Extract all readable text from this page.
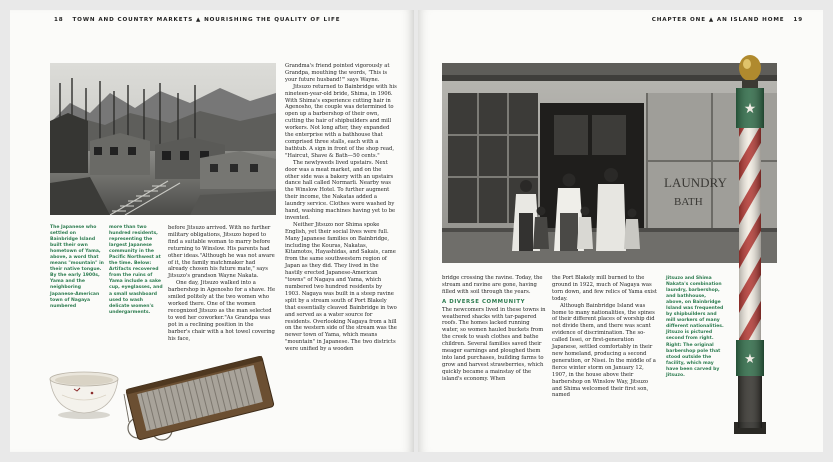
18 TOWN AND COUNTRY MARKETS ▲ NOURISHING THE QUALITY OF LIFE
The Japanese who settled on Bainbridge Island built their own hometown of Yama, above, a word that means "mountain" in their native tongue. By the early 1900s, Yama and the neighboring Japanese-American town of Nagaya numbered
more than two hundred residents, representing the largest Japanese community in the Pacific Northwest at the time. Below: Artifacts recovered from the ruins of Yama include a sake cup, eyeglasses, and a small washboard used to wash delicate women's undergarments.

before Jitsuzo arrived. With no further military obligations, Jitsuzo hoped to find a suitable woman to marry before returning to Winslow. His parents had other ideas."Although he was not aware of it, the family matchmaker had already chosen his future mate," says Jitsuzo's grandson Wayne Nakata.

One day, Jitsuzo walked into a barbershop in Agenosho for a shave. He smiled politely at the two women who worked there. One of the women recognized Jitsuzo as the man selected to wed her coworker."As Grandpa was pot in a reclining position in the barber's chair with a hot towel covering his face,

Grandma's friend pointed vigorously at Grandpa, mouthing the words, 'This is your future husband!'" says Wayne.

Jitsuzo returned to Bainbridge with his nineteen-year-old bride, Shima, in 1906. With Shima's experience cutting hair in Agenosho, the couple was determined to open up a barbershop of their own, cutting the hair of shipbuilders and mill workers. Not long after, they expanded the enterprise with a bathhouse that comprised three stalls, each with a bathtub. A sign in front of the shop read, "Haircut, Shave & Bath—50 cents."

The newlyweds lived upstairs. Next door was a meat market, and on the other side was a bakery with an upstairs dance hall called Normarli. Nearby was the Winslow Hotel. To further augment their income, the Nakatas added a laundry service. Clothes were washed by hand, washing machines having yet to be invented.

Neither Jitsuzo nor Shima spoke English, yet their social lives were full. Many Japanese families on Bainbridge, including the Kouras, Nakatas, Kitamotos, Hayashidas, and Sakais, came from the same southwestern region of Japan as they did. They lived in the hastily erected Japanese-American "towns" of Nagaya and Yama, which numbered two hundred residents by 1903. Nagaya was built in a steep ravine split by a stream south of Port Blakely that essentially cleaved Bainbridge in two and served as a water source for residents. Overlooking Nagaya from a hill on the western side of the stream was the newer town of Yama, which means "mountain" in Japanese. The two districts were unified by a wooden

CHAPTER ONE ▲ AN ISLAND HOME 19
LAUNDRY
BATH

bridge crossing the ravine. Today, the stream and ravine are gone, having filled with soil through the years.

A DIVERSE COMMUNITY

The newcomers lived in these towns in weathered shacks with tar-papered roofs. The homes lacked running water, so women hauled buckets from the creek to wash clothes and bathe children. Several families saved their meager earnings and ploughed them into land purchases, building farms to grow and harvest strawberries, which quickly became a mainstay of the island's economy. When

the Port Blakely mill burned to the ground in 1922, much of Nagaya was torn down, and few relics of Yama exist today.

Although Bainbridge Island was home to many nationalities, the spines of their different places of worship did not divide them, and there was scant evidence of discrimination. The so-called Issei, or first-generation Japanese, settled comfortably in their new homeland, producing a second generation, or Nisei. In the middle of a fierce winter storm on January 12, 1907, in the house above their barbershop on Winslow Way, Jitsuzo and Shima welcomed their first son, named

Jitsuzo and Shima Nakata's combination laundry, barbershop, and bathhouse, above, on Bainbridge Island was frequented by shipbuilders and mill workers of many different nationalities. Jitsuzo is pictured second from right. Right: The original barbershop pole that stood outside the facility, which may have been carved by Jitsuzo.
